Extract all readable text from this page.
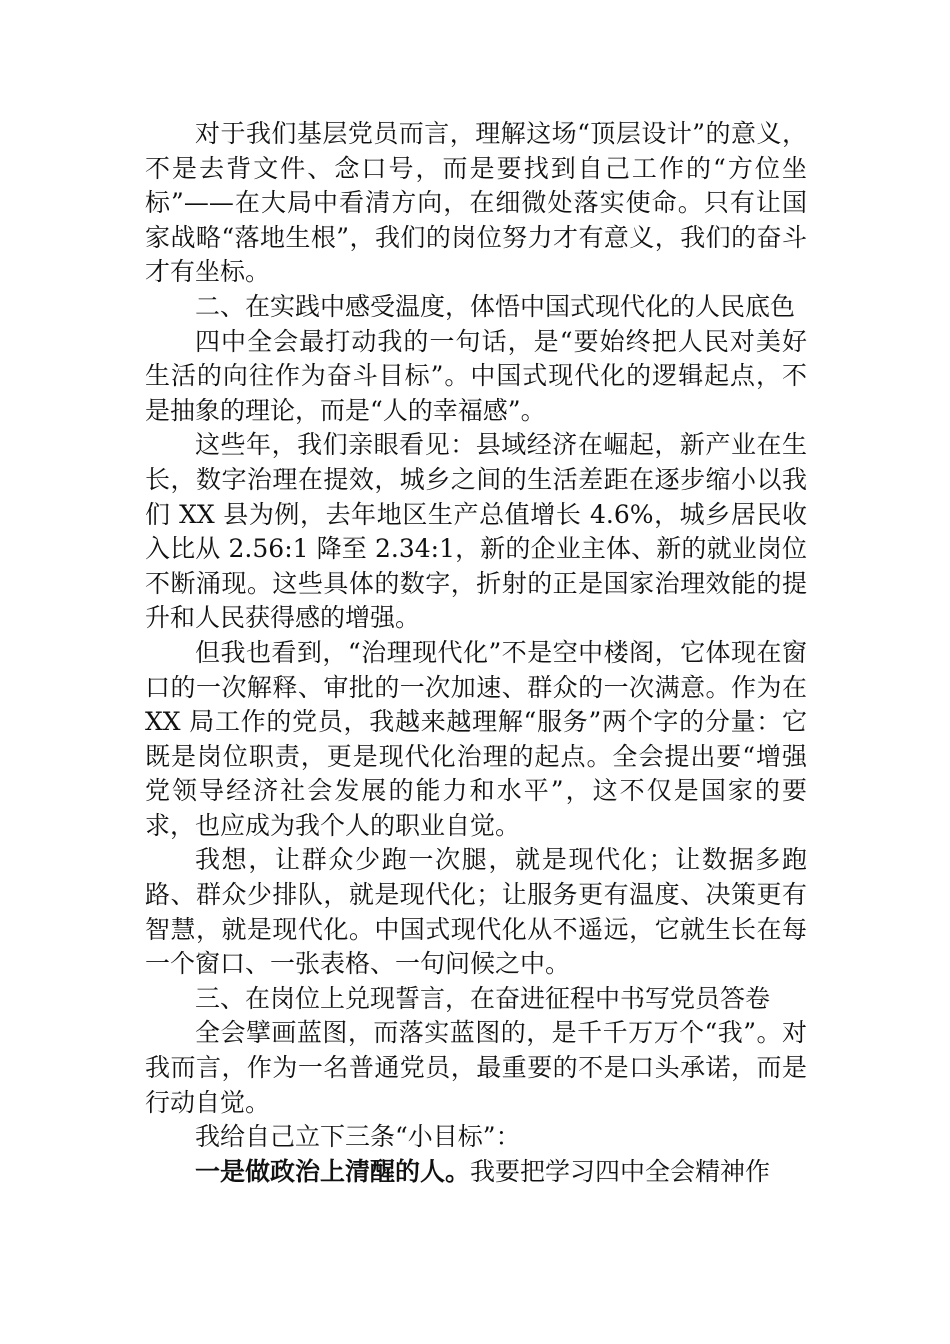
对于我们基层党员而言，理解这场“顶层设计”的意义，不是去背文件、念口号，而是要找到自己工作的“方位坐标”——在大局中看清方向，在细微处落实使命。只有让国家战略“落地生根”，我们的岗位努力才有意义，我们的奋斗才有坐标。

二、在实践中感受温度，体悟中国式现代化的人民底色

四中全会最打动我的一句话，是“要始终把人民对美好生活的向往作为奋斗目标”。中国式现代化的逻辑起点，不是抽象的理论，而是“人的幸福感”。

这些年，我们亲眼看见：县域经济在崛起，新产业在生长，数字治理在提效，城乡之间的生活差距在逐步缩小以我们 XX 县为例，去年地区生产总值增长 4.6%，城乡居民收入比从 2.56:1 降至 2.34:1，新的企业主体、新的就业岗位不断涌现。这些具体的数字，折射的正是国家治理效能的提升和人民获得感的增强。

但我也看到，“治理现代化”不是空中楼阁，它体现在窗口的一次解释、审批的一次加速、群众的一次满意。作为在 XX 局工作的党员，我越来越理解“服务”两个字的分量：它既是岗位职责，更是现代化治理的起点。全会提出要“增强党领导经济社会发展的能力和水平”，这不仅是国家的要求，也应成为我个人的职业自觉。

我想，让群众少跑一次腿，就是现代化；让数据多跑路、群众少排队，就是现代化；让服务更有温度、决策更有智慧，就是现代化。中国式现代化从不遥远，它就生长在每一个窗口、一张表格、一句问候之中。

三、在岗位上兑现誓言，在奋进征程中书写党员答卷

全会擘画蓝图，而落实蓝图的，是千千万万个“我”。对我而言，作为一名普通党员，最重要的不是口头承诺，而是行动自觉。

我给自己立下三条“小目标”：

一是做政治上清醒的人。我要把学习四中全会精神作
